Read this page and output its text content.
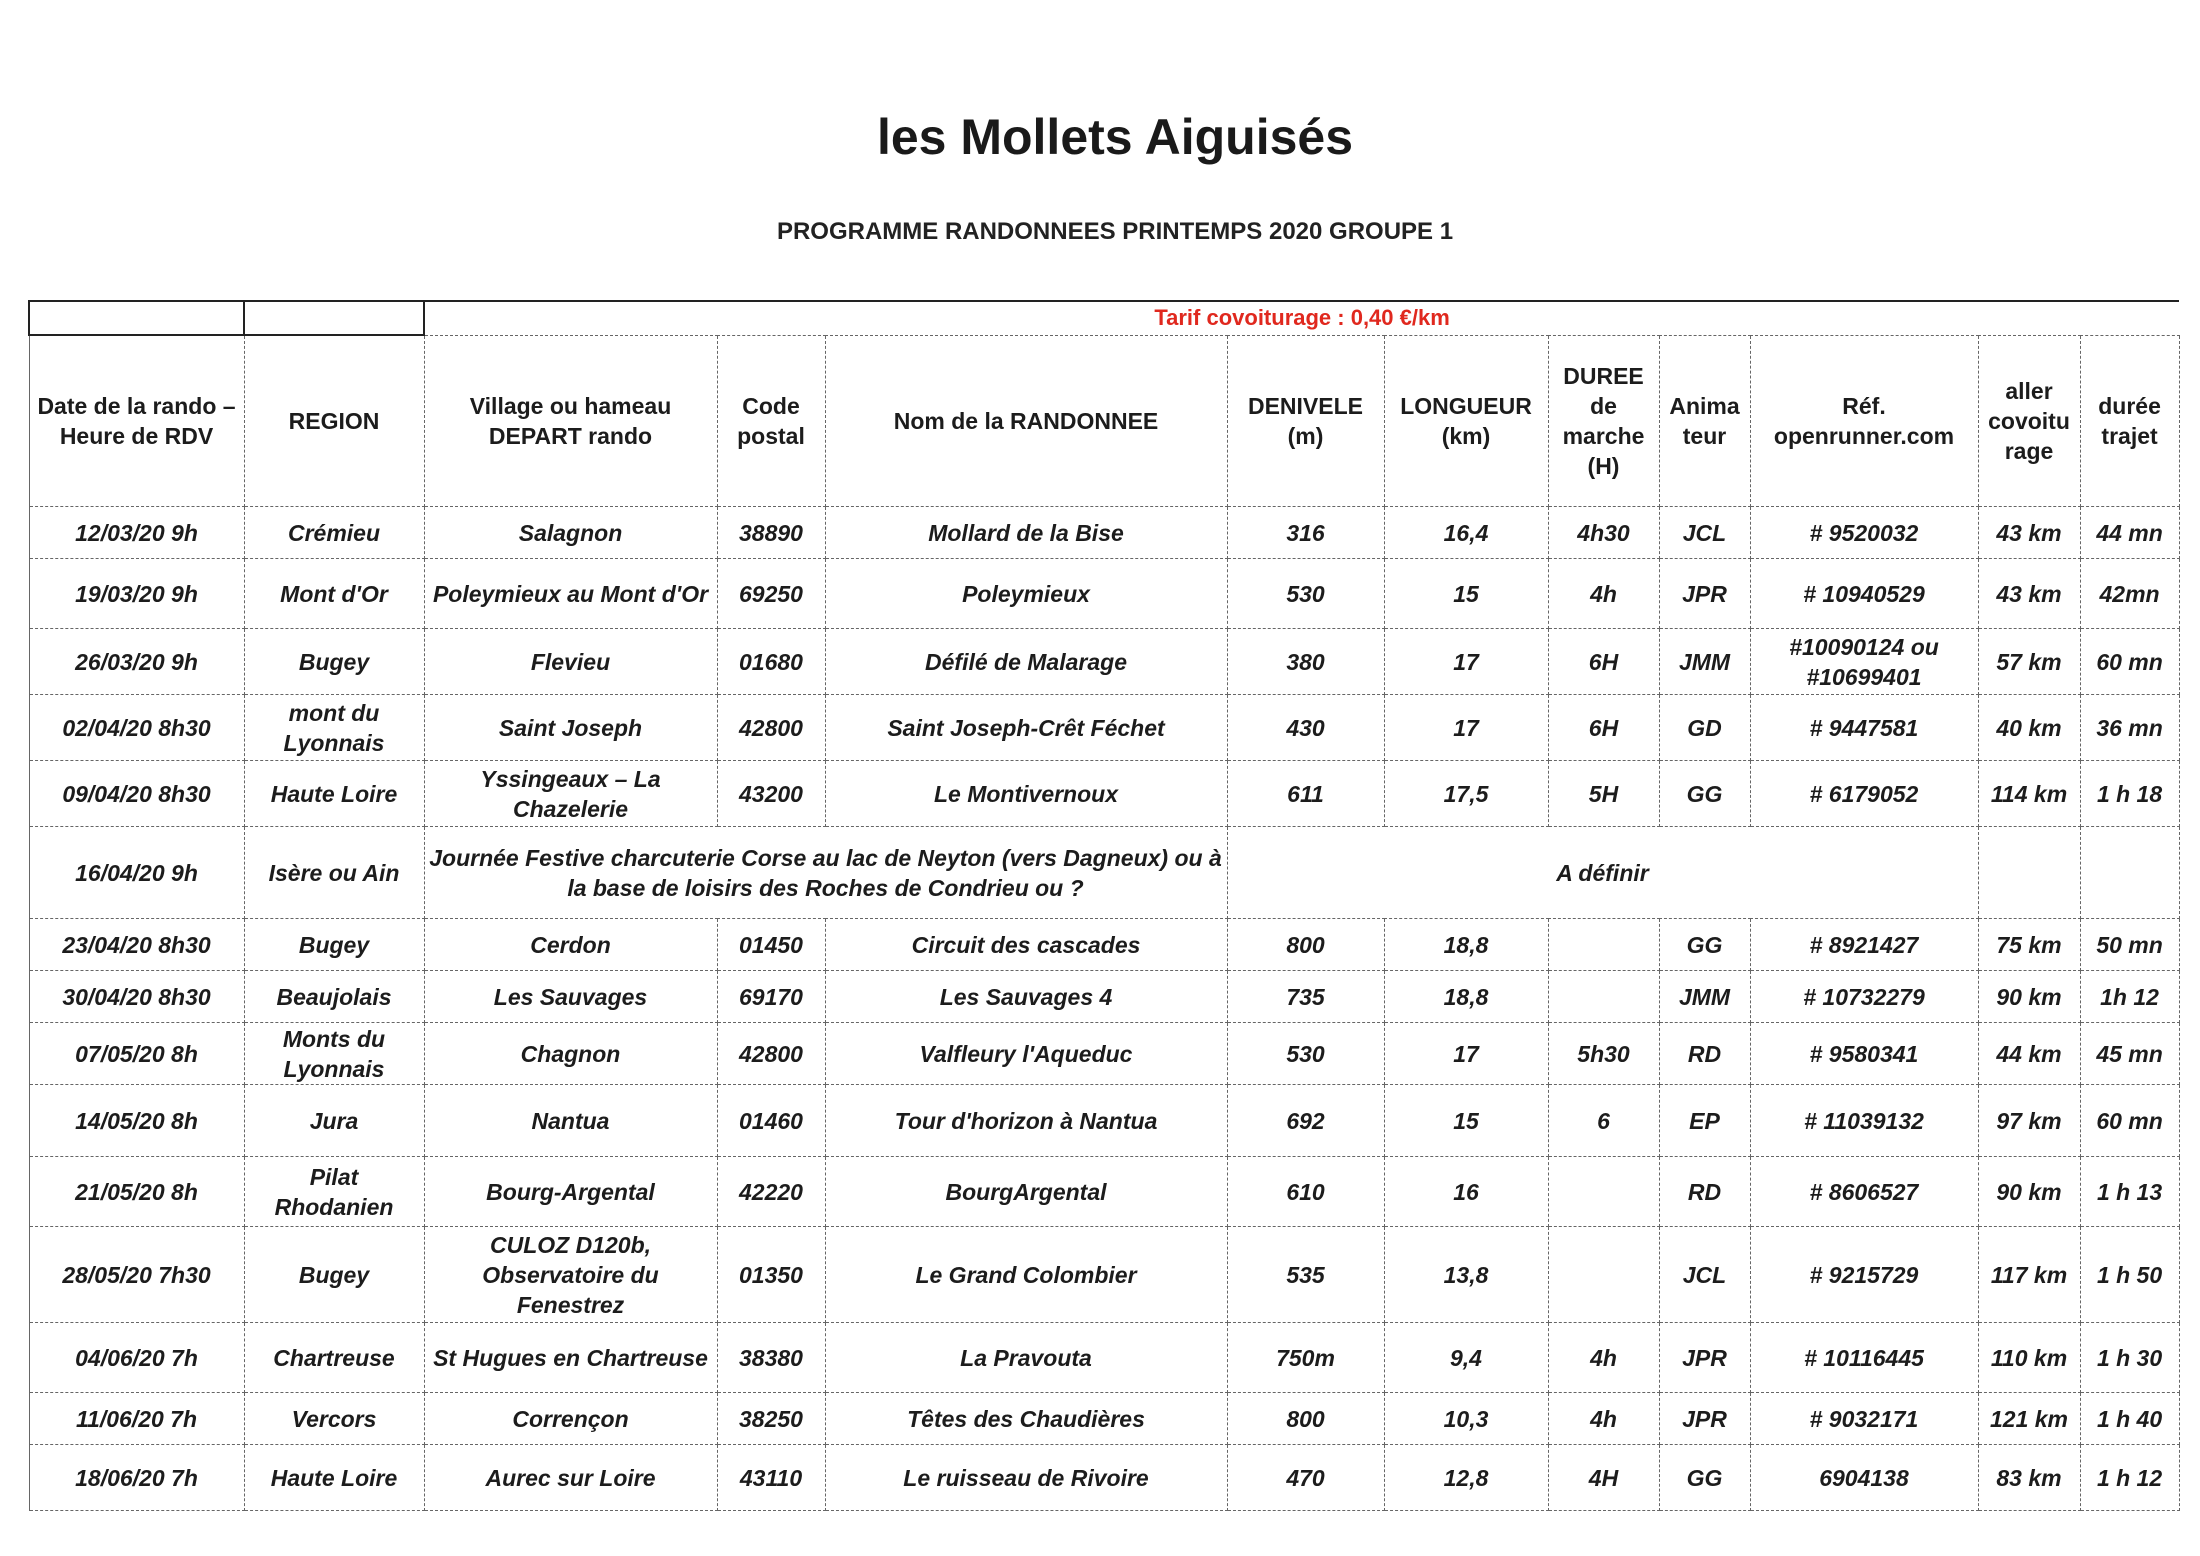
les Mollets Aiguisés
PROGRAMME RANDONNEES PRINTEMPS 2020 GROUPE 1
		Tarif covoiturage : 0,40 €/km									
Date de la rando – Heure de RDV	REGION	Village ou hameau DEPART rando	Code postal	Nom de la RANDONNEE	DENIVELE (m)	LONGUEUR (km)	DUREE de marche (H)	Anima teur	Réf. openrunner.com	aller covoitu rage	durée trajet
12/03/20 9h	Crémieu	Salagnon	38890	Mollard de la Bise	316	16,4	4h30	JCL	# 9520032	43 km	44 mn
19/03/20 9h	Mont d'Or	Poleymieux au Mont d'Or	69250	Poleymieux	530	15	4h	JPR	# 10940529	43 km	42mn
26/03/20 9h	Bugey	Flevieu	01680	Défilé de Malarage	380	17	6H	JMM	#10090124 ou #10699401	57 km	60 mn
02/04/20 8h30	mont du Lyonnais	Saint Joseph	42800	Saint Joseph-Crêt Féchet	430	17	6H	GD	# 9447581	40 km	36 mn
09/04/20 8h30	Haute Loire	Yssingeaux – La Chazelerie	43200	Le Montivernoux	611	17,5	5H	GG	# 6179052	114 km	1 h 18
16/04/20 9h	Isère ou Ain	Journée Festive charcuterie Corse au lac de Neyton (vers Dagneux) ou à la base de loisirs des Roches de Condrieu ou ?			A définir						
23/04/20 8h30	Bugey	Cerdon	01450	Circuit des cascades	800	18,8		GG	# 8921427	75 km	50 mn
30/04/20 8h30	Beaujolais	Les Sauvages	69170	Les Sauvages 4	735	18,8		JMM	# 10732279	90 km	1h 12
07/05/20 8h	Monts du Lyonnais	Chagnon	42800	Valfleury l'Aqueduc	530	17	5h30	RD	# 9580341	44 km	45 mn
14/05/20 8h	Jura	Nantua	01460	Tour d'horizon à Nantua	692	15	6	EP	# 11039132	97 km	60 mn
21/05/20 8h	Pilat Rhodanien	Bourg-Argental	42220	BourgArgental	610	16		RD	# 8606527	90 km	1 h 13
28/05/20 7h30	Bugey	CULOZ D120b, Observatoire du Fenestrez	01350	Le Grand Colombier	535	13,8		JCL	# 9215729	117 km	1 h 50
04/06/20 7h	Chartreuse	St Hugues en Chartreuse	38380	La Pravouta	750m	9,4	4h	JPR	# 10116445	110 km	1 h 30
11/06/20 7h	Vercors	Corrençon	38250	Têtes des Chaudières	800	10,3	4h	JPR	# 9032171	121 km	1 h 40
18/06/20 7h	Haute Loire	Aurec sur Loire	43110	Le ruisseau de Rivoire	470	12,8	4H	GG	6904138	83 km	1 h 12
